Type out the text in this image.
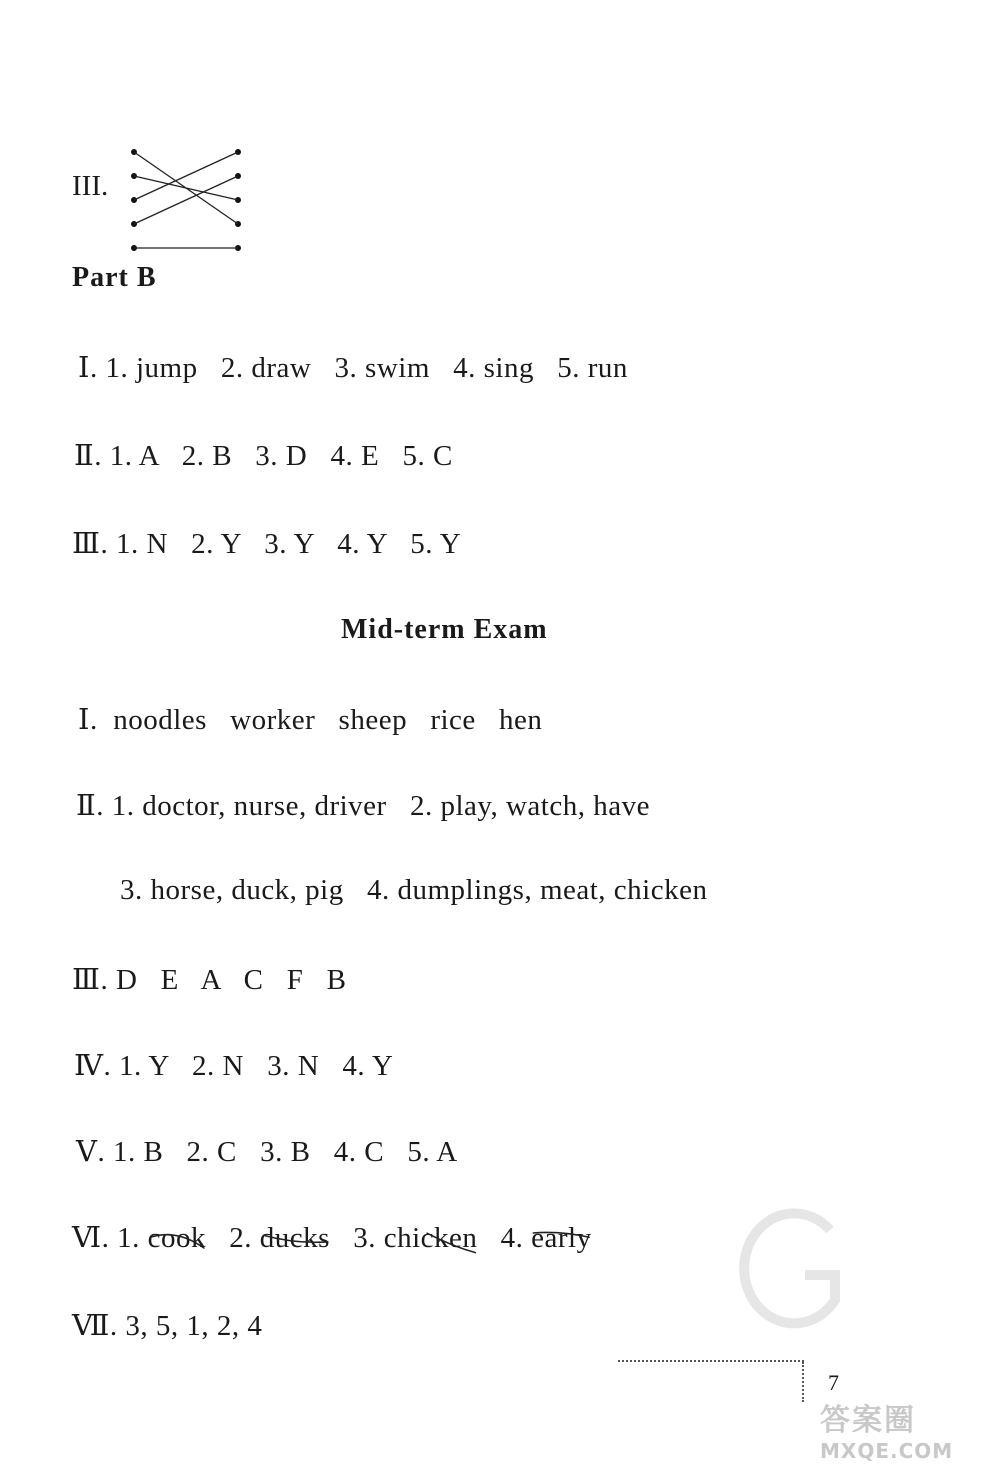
III.
Part B
Ⅰ. 1. jump   2. draw   3. swim   4. sing   5. run
Ⅱ. 1. A   2. B   3. D   4. E   5. C
Ⅲ. 1. N   2. Y   3. Y   4. Y   5. Y
Mid-term Exam
Ⅰ.  noodles   worker   sheep   rice   hen
Ⅱ. 1. doctor, nurse, driver   2. play, watch, have
3. horse, duck, pig   4. dumplings, meat, chicken
Ⅲ. D   E   A   C   F   B
Ⅳ. 1. Y   2. N   3. N   4. Y
Ⅴ. 1. B   2. C   3. B   4. C   5. A
Ⅵ. 1. cook
2. ducks
3. chicken
4. early
Ⅶ. 3, 5, 1, 2, 4
7
答案圈
MXQE.COM
